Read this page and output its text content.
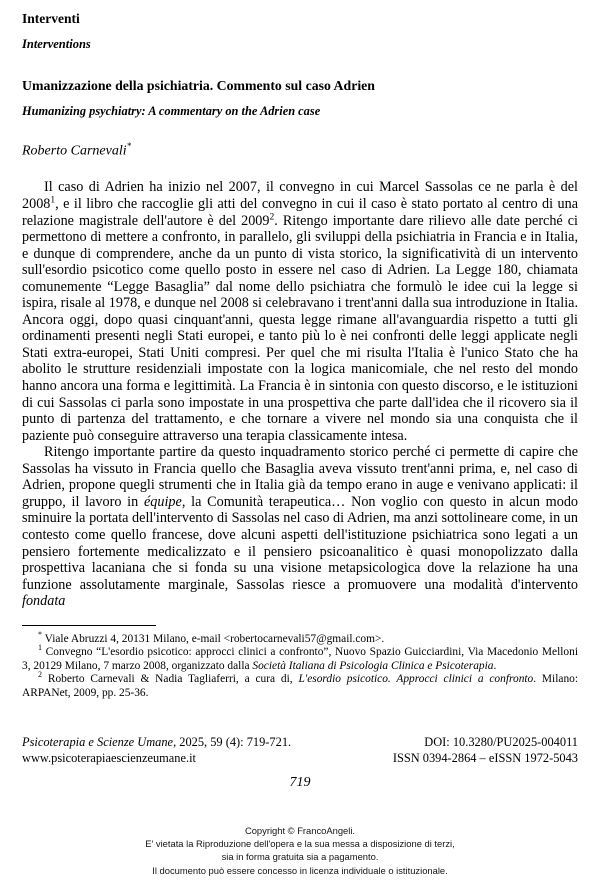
Interventi
Interventions
Umanizzazione della psichiatria. Commento sul caso Adrien
Humanizing psychiatry: A commentary on the Adrien case
Roberto Carnevali*

Il caso di Adrien ha inizio nel 2007, il convegno in cui Marcel Sassolas ce ne parla è del 2008$^1$, e il libro che raccoglie gli atti del convegno in cui il caso è stato portato al centro di una relazione magistrale dell'autore è del 2009$^2$. Ritengo importante dare rilievo alle date perché ci permettono di mettere a confronto, in parallelo, gli sviluppi della psichiatria in Francia e in Italia, e dunque di comprendere, anche da un punto di vista storico, la significatività di un intervento sull'esordio psicotico come quello posto in essere nel caso di Adrien. La Legge 180, chiamata comunemente “Legge Basaglia” dal nome dello psichiatra che formulò le idee cui la legge si ispira, risale al 1978, e dunque nel 2008 si celebravano i trent'anni dalla sua introduzione in Italia. Ancora oggi, dopo quasi cinquant'anni, questa legge rimane all'avanguardia rispetto a tutti gli ordinamenti presenti negli Stati europei, e tanto più lo è nei confronti delle leggi applicate negli Stati extra-europei, Stati Uniti compresi. Per quel che mi risulta l'Italia è l'unico Stato che ha abolito le strutture residenziali impostate con la logica manicomiale, che nel resto del mondo hanno ancora una forma e legittimità. La Francia è in sintonia con questo discorso, e le istituzioni di cui Sassolas ci parla sono impostate in una prospettiva che parte dall'idea che il ricovero sia il punto di partenza del trattamento, e che tornare a vivere nel mondo sia una conquista che il paziente può conseguire attraverso una terapia classicamente intesa.

Ritengo importante partire da questo inquadramento storico perché ci permette di capire che Sassolas ha vissuto in Francia quello che Basaglia aveva vissuto trent'anni prima, e, nel caso di Adrien, propone quegli strumenti che in Italia già da tempo erano in auge e venivano applicati: il gruppo, il lavoro in équipe, la Comunità terapeutica… Non voglio con questo in alcun modo sminuire la portata dell'intervento di Sassolas nel caso di Adrien, ma anzi sottolineare come, in un contesto come quello francese, dove alcuni aspetti dell'istituzione psichiatrica sono legati a un pensiero fortemente medicalizzato e il pensiero psicoanalitico è quasi monopolizzato dalla prospettiva lacaniana che si fonda su una visione metapsicologica dove la relazione ha una funzione assolutamente marginale, Sassolas riesce a promuovere una modalità d'intervento fondata

* Viale Abruzzi 4, 20131 Milano, e-mail <robertocarnevali57@gmail.com>.

$^1$ Convegno “L'esordio psicotico: approcci clinici a confronto”, Nuovo Spazio Guicciardini, Via Macedonio Melloni 3, 20129 Milano, 7 marzo 2008, organizzato dalla Società Italiana di Psicologia Clinica e Psicoterapia.

$^2$ Roberto Carnevali & Nadia Tagliaferri, a cura di, L'esordio psicotico. Approcci clinici a confronto. Milano: ARPANet, 2009, pp. 25-36.

Psicoterapia e Scienze Umane, 2025, 59 (4): 719-721.	DOI: 10.3280/PU2025-004011
www.psicoterapiaescienzeumane.it	ISSN 0394-2864 – eISSN 1972-5043
719
Copyright © FrancoAngeli.
E' vietata la Riproduzione dell'opera e la sua messa a disposizione di terzi,
sia in forma gratuita sia a pagamento.
Il documento può essere concesso in licenza individuale o istituzionale.
